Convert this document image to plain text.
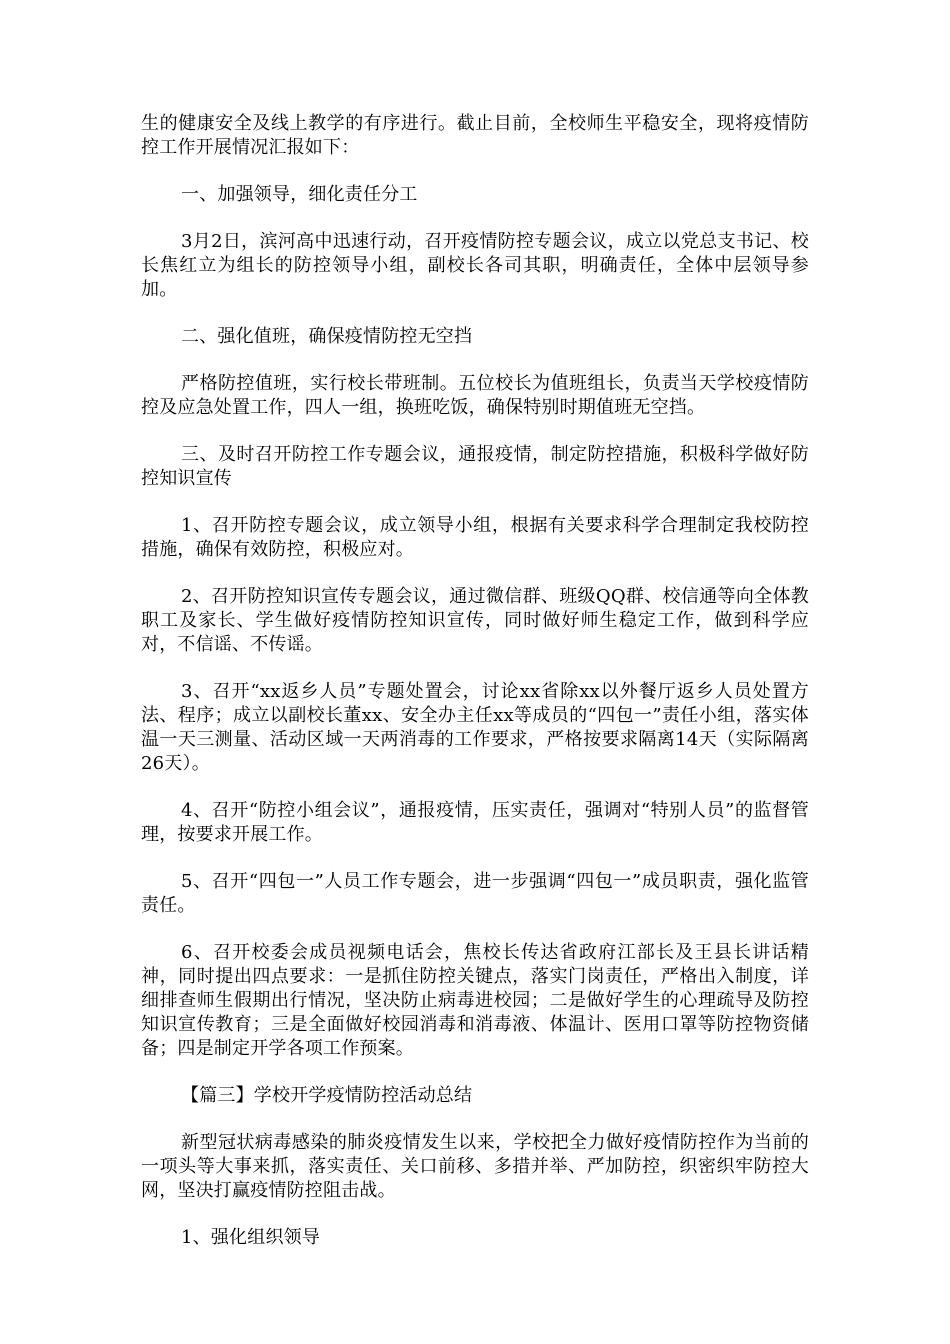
生的健康安全及线上教学的有序进行。截止目前，全校师生平稳安全，现将疫情防控工作开展情况汇报如下：

一、加强领导，细化责任分工

3月2日，滨河高中迅速行动，召开疫情防控专题会议，成立以党总支书记、校长焦红立为组长的防控领导小组，副校长各司其职，明确责任，全体中层领导参加。

二、强化值班，确保疫情防控无空挡

严格防控值班，实行校长带班制。五位校长为值班组长，负责当天学校疫情防控及应急处置工作，四人一组，换班吃饭，确保特别时期值班无空挡。

三、及时召开防控工作专题会议，通报疫情，制定防控措施，积极科学做好防控知识宣传

1、召开防控专题会议，成立领导小组，根据有关要求科学合理制定我校防控措施，确保有效防控，积极应对。

2、召开防控知识宣传专题会议，通过微信群、班级QQ群、校信通等向全体教职工及家长、学生做好疫情防控知识宣传，同时做好师生稳定工作，做到科学应对，不信谣、不传谣。

3、召开“xx返乡人员”专题处置会，讨论xx省除xx以外餐厅返乡人员处置方法、程序；成立以副校长董xx、安全办主任xx等成员的“四包一”责任小组，落实体温一天三测量、活动区域一天两消毒的工作要求，严格按要求隔离14天（实际隔离26天）。

4、召开“防控小组会议”，通报疫情，压实责任，强调对“特别人员”的监督管理，按要求开展工作。

5、召开“四包一”人员工作专题会，进一步强调“四包一”成员职责，强化监管责任。

6、召开校委会成员视频电话会，焦校长传达省政府江部长及王县长讲话精神，同时提出四点要求：一是抓住防控关键点，落实门岗责任，严格出入制度，详细排查师生假期出行情况，坚决防止病毒进校园；二是做好学生的心理疏导及防控知识宣传教育；三是全面做好校园消毒和消毒液、体温计、医用口罩等防控物资储备；四是制定开学各项工作预案。

【篇三】学校开学疫情防控活动总结

新型冠状病毒感染的肺炎疫情发生以来，学校把全力做好疫情防控作为当前的一项头等大事来抓，落实责任、关口前移、多措并举、严加防控，织密织牢防控大网，坚决打赢疫情防控阻击战。

1、强化组织领导
